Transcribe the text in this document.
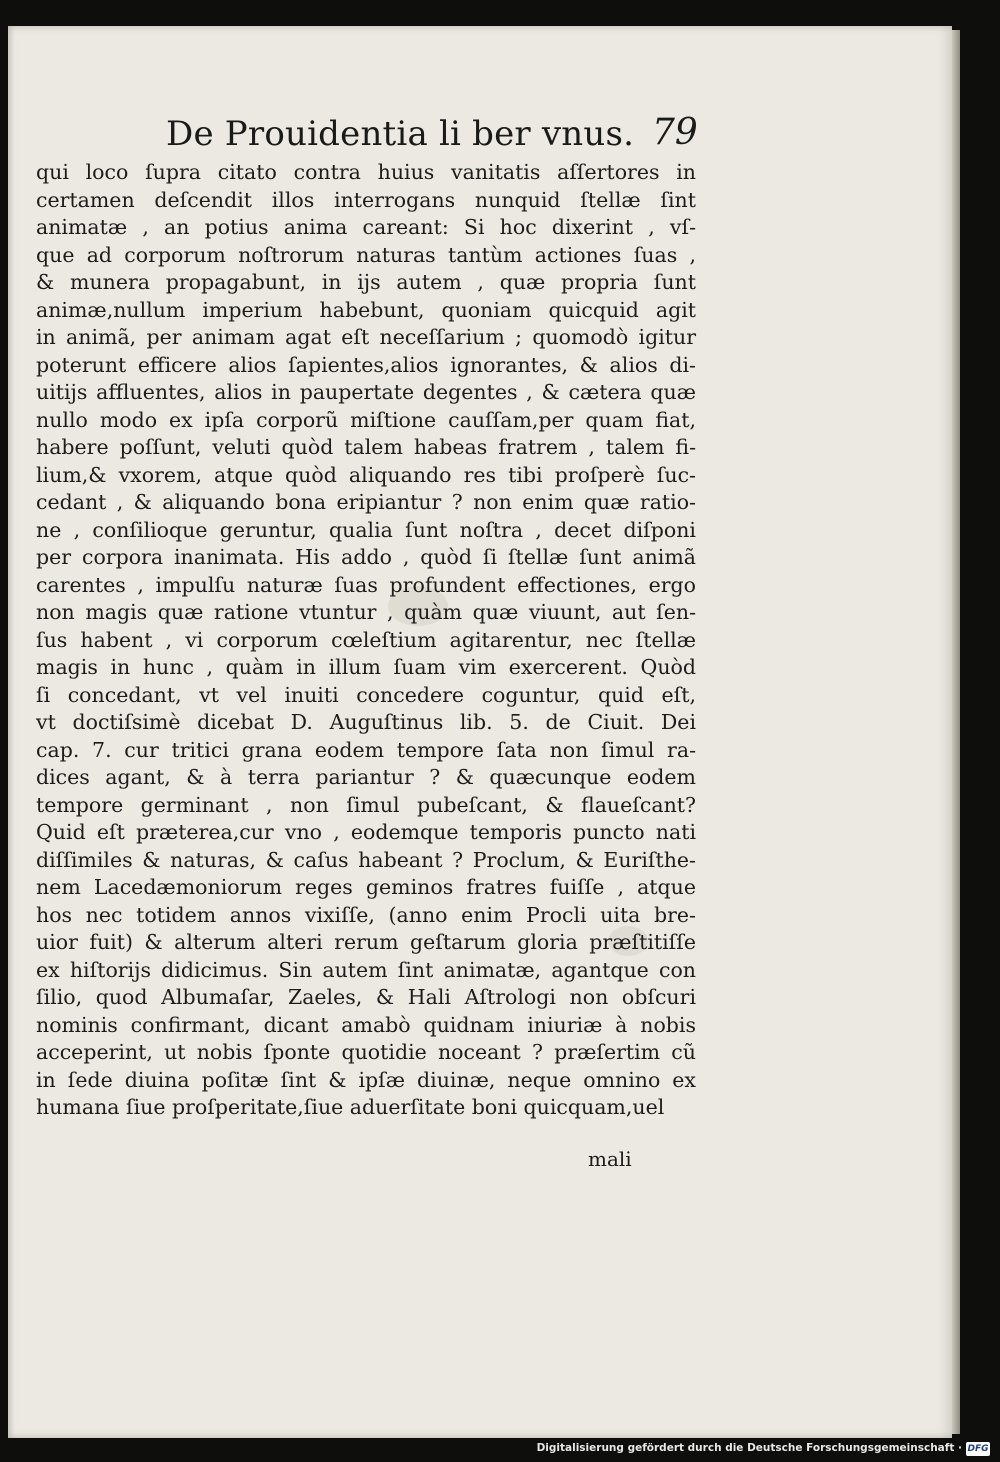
De Prouidentia li ber vnus. 79
qui loco ſupra citato contra huius vanitatis aſſertores in
certamen deſcendit illos interrogans nunquid ſtellæ ſint
animatæ , an potius anima careant: Si hoc dixerint , vſ-
que ad corporum noſtrorum naturas tantùm actiones ſuas ,
& munera propagabunt, in ijs autem , quæ propria ſunt
animæ,nullum imperium habebunt, quoniam quicquid agit
in animã, per animam agat eſt neceſſarium ; quomodò igitur
poterunt efficere alios ſapientes,alios ignorantes, & alios di-
uitijs affluentes, alios in paupertate degentes , & cætera quæ
nullo modo ex ipſa corporũ miſtione cauſſam,per quam fiat,
habere poſſunt, veluti quòd talem habeas fratrem , talem fi-
lium,& vxorem, atque quòd aliquando res tibi proſperè ſuc-
cedant , & aliquando bona eripiantur ? non enim quæ ratio-
ne , conſilioque geruntur, qualia ſunt noſtra , decet diſponi
per corpora inanimata. His addo , quòd ſi ſtellæ ſunt animã
carentes , impulſu naturæ ſuas profundent effectiones, ergo
non magis quæ ratione vtuntur , quàm quæ viuunt, aut ſen-
ſus habent , vi corporum cœleſtium agitarentur, nec ſtellæ
magis in hunc , quàm in illum ſuam vim exercerent. Quòd
ſi concedant, vt vel inuiti concedere coguntur, quid eſt,
vt doctiſsimè dicebat D. Auguſtinus lib. 5. de Ciuit. Dei
cap. 7. cur tritici grana eodem tempore ſata non ſimul ra-
dices agant, & à terra pariantur ? & quæcunque eodem
tempore germinant , non ſimul pubeſcant, & flaueſcant?
Quid eſt præterea,cur vno , eodemque temporis puncto nati
diſſimiles & naturas, & caſus habeant ? Proclum, & Euriſthe-
nem Lacedæmoniorum reges geminos fratres fuiſſe , atque
hos nec totidem annos vixiſſe, (anno enim Procli uita bre-
uior fuit) & alterum alteri rerum geſtarum gloria præſtitiſſe
ex hiſtorijs didicimus. Sin autem ſint animatæ, agantque con
ſilio, quod Albumaſar, Zaeles, & Hali Aſtrologi non obſcuri
nominis confirmant, dicant amabò quidnam iniuriæ à nobis
acceperint, ut nobis ſponte quotidie noceant ? præſertim cũ
in ſede diuina poſitæ ſint & ipſæ diuinæ, neque omnino ex
humana ſiue proſperitate,ſiue aduerſitate boni quicquam,uel
mali
Digitalisierung gefördert durch die Deutsche Forschungsgemeinschaft · DFG
